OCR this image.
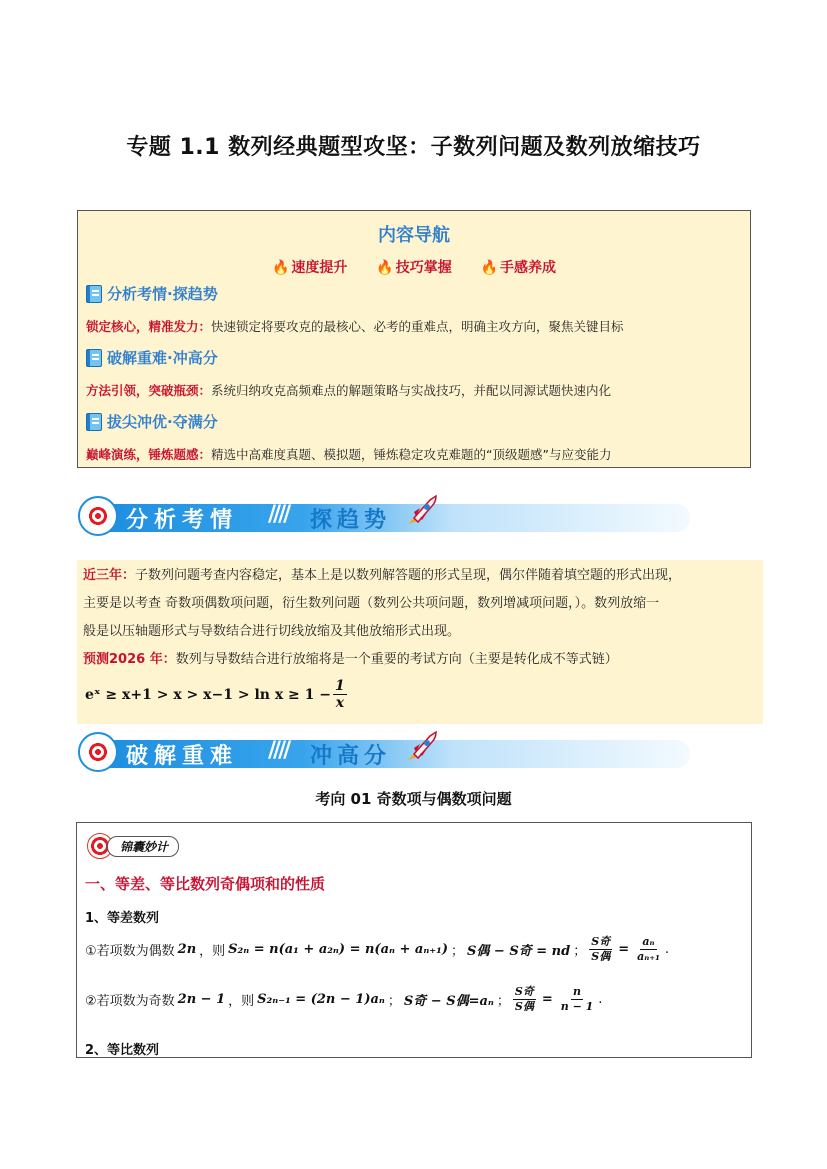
专题 1.1 数列经典题型攻坚：子数列问题及数列放缩技巧
内容导航
🔥 速度提升 🔥 技巧掌握 🔥 手感养成
分析考情·探趋势
锁定核心，精准发力：快速锁定将要攻克的最核心、必考的重难点，明确主攻方向，聚焦关键目标
破解重难·冲高分
方法引领，突破瓶颈：系统归纳攻克高频难点的解题策略与实战技巧，并配以同源试题快速内化
拔尖冲优·夺满分
巅峰演练，锤炼题感：精选中高难度真题、模拟题，锤炼稳定攻克难题的“顶级题感”与应变能力
分析考情 //// 探趋势

近三年：子数列问题考查内容稳定，基本上是以数列解答题的形式呈现，偶尔伴随着填空题的形式出现，

主要是以考查 奇数项偶数项问题，衍生数列问题（数列公共项问题，数列增减项问题，）。数列放缩一

般是以压轴题形式与导数结合进行切线放缩及其他放缩形式出现。

预测2026 年：数列与导数结合进行放缩将是一个重要的考试方向（主要是转化成不等式链）

eˣ ≥ $x+1 > x > x-1 > \ln x \ge 1 - \frac{1}{x}$
破解重难 //// 冲高分
考向 01 奇数项与偶数项问题
锦囊妙计
一、等差、等比数列奇偶项和的性质
1、等差数列
①若项数为偶数 2n ，则 S₂ₙ = n(a₁ + a₂ₙ) = n(aₙ + aₙ₊₁) ； S偶 − S奇 = nd ； $\frac{\text{S奇}}{\text{S偶}} = \frac{\text{aₙ}}{\text{aₙ₊₁}}$ .
②若项数为奇数 2n − 1 ，则 S₂ₙ₋₁ = (2n − 1)aₙ ； S奇 − S偶=aₙ ； $\frac{\text{S奇}}{\text{S偶}} = \frac{n}{n - 1}$ .
2、等比数列
